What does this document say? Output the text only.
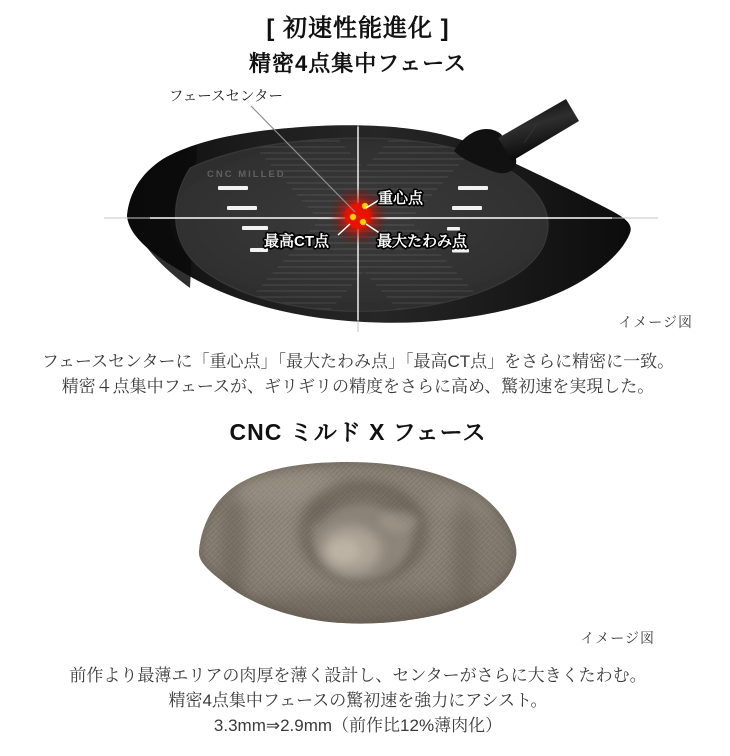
[ 初速性能進化 ]
精密4点集中フェース
CNC MILLED
重心点
最高CT点	最大たわみ点
フェースセンター
イメージ図

フェースセンターに「重心点」「最大たわみ点」「最高CT点」をさらに精密に一致。
精密４点集中フェースが、ギリギリの精度をさらに高め、驚初速を実現した。

CNC ミルド X フェース
イメージ図

前作より最薄エリアの肉厚を薄く設計し、センターがさらに大きくたわむ。
精密4点集中フェースの驚初速を強力にアシスト。
3.3mm⇒2.9mm（前作比12%薄肉化）
